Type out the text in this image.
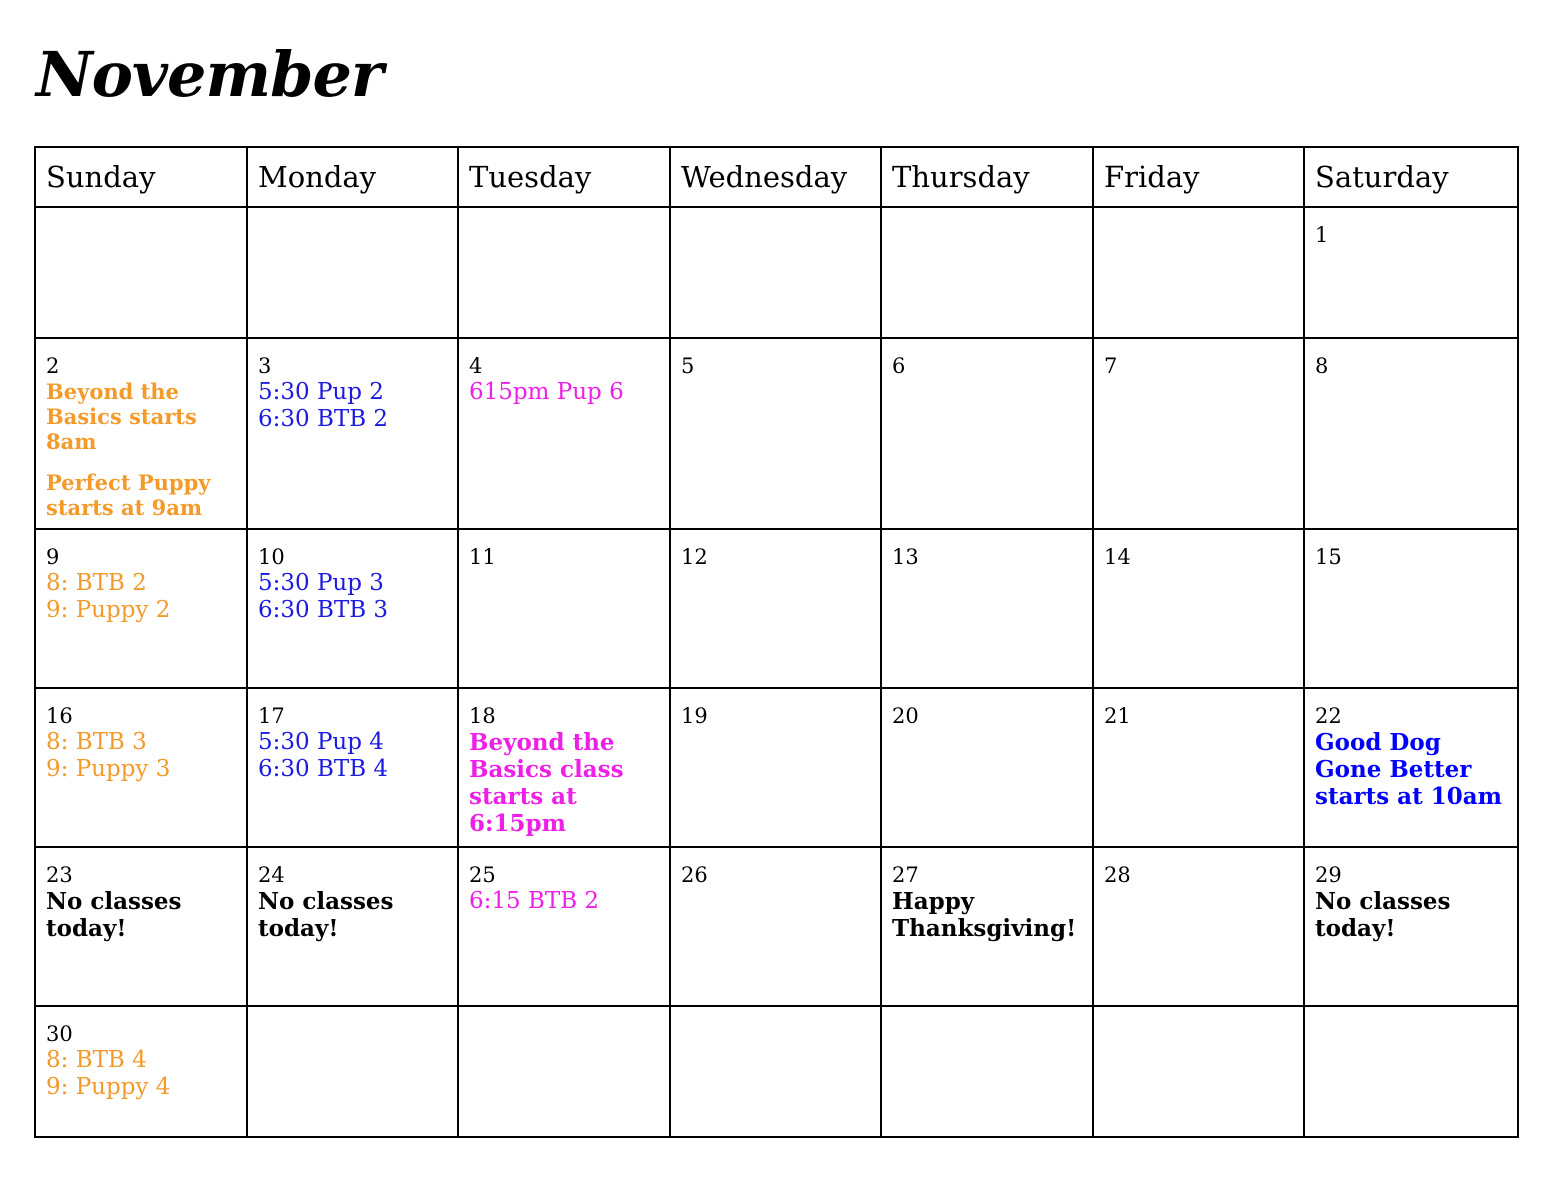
November
Sunday	Monday	Tuesday	Wednesday	Thursday	Friday	Saturday

						1

2
Beyond the Basics starts 8am
Perfect Puppy starts at 9am	3
5:30 Pup 2
6:30 BTB 2	4
615pm Pup 6	5	6	7	8

9
8: BTB 2
9: Puppy 2	10
5:30 Pup 3
6:30 BTB 3	11	12	13	14	15

16
8: BTB 3
9: Puppy 3	17
5:30 Pup 4
6:30 BTB 4	18
Beyond the Basics class starts at 6:15pm	19	20	21	22
Good Dog Gone Better starts at 10am

23
No classes today!	24
No classes today!	25
6:15 BTB 2	26	27
Happy Thanksgiving!	28	29
No classes today!

30
8: BTB 4
9: Puppy 4						
